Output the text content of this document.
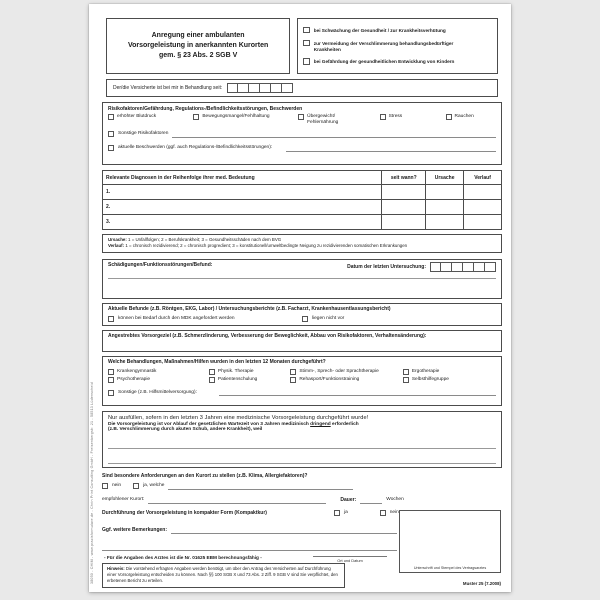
38050 - CHIM - www.praxisformulare.de - Chrin Print Consulting GmbH - Freisenbergstr. 21 - 58513 Lüdenscheid
Anregung einer ambulanten
Vorsorgeleistung in anerkannten Kurorten
gem. § 23 Abs. 2 SGB V
bei Schwächung der Gesundheit / zur Krankheitsverhütung
zur Vermeidung der Verschlimmerung behandlungsbedürftiger Krankheiten
bei Gefährdung der gesundheitlichen Entwicklung von Kindern
Der/die Versicherte ist bei mir in Behandlung seit:
Risikofaktoren/Gefährdung, Regulations-/Befindlichkeitsstörungen, Beschwerden
erhöhter Blutdruck	Bewegungsmangel/Fehlhaltung	Übergewicht/ Fehlernährung
Stress	Rauchen
Sonstige Risikofaktoren
aktuelle Beschwerden (ggf. auch Regulations-/Befindlichkeitsstörungen):
Relevante Diagnosen in der Reihenfolge ihrer med. Bedeutung	seit wann?	Ursache	Verlauf
1.			
2.			
3.			
Ursache: 1 = Unfallfolgen; 2 = Berufskrankheit; 3 = Gesundheitsschäden nach dem BVG
Verlauf: 1 = chronisch rezidivierend; 2 = chronisch progredient; 3 = konstitutionell/umweltbedingte Neigung zu rezidivierenden somatischen Erkrankungen
Schädigungen/Funktionsstörungen/Befund:	Datum der letzten Untersuchung:
Aktuelle Befunde (z.B. Röntgen, EKG, Labor) / Untersuchungsberichte (z.B. Facharzt, Krankenhausentlassungsbericht)
können bei Bedarf durch den MDK angefordert werden	liegen nicht vor
Angestrebtes Vorsorgeziel (z.B. Schmerzlinderung, Verbesserung der Beweglichkeit, Abbau von Risikofaktoren, Verhaltensänderung):
Welche Behandlungen, Maßnahmen/Hilfen wurden in den letzten 12 Monaten durchgeführt?
Krankengymnastik
Psychotherapie
Physik. Therapie
Patientenschulung
Stimm-, Sprech- oder Sprachtherapie
Rehasport/Funktionstraining
Ergotherapie
Selbsthilfegruppe
Sonstige (z.B. Hilfsmittelversorgung):
Nur ausfüllen, sofern in den letzten 3 Jahren eine medizinische Vorsorgeleistung durchgeführt wurde!
Die Vorsorgeleistung ist vor Ablauf der gesetzlichen Wartezeit von 3 Jahren medizinisch dringend erforderlich
(z.B. Verschlimmerung durch akuten Schub, andere Krankheit), weil
Sind besondere Anforderungen an den Kurort zu stellen (z.B. Klima, Allergiefaktoren)?
nein	ja, welche
empfohlener Kurort:	Dauer:	Wochen
Durchführung der Vorsorgeleistung in kompakter Form (Kompaktkur)	ja	nein
Ggf. weitere Bemerkungen:
- Für die Angaben des Arztes ist die Nr. 01625 EBM berechnungsfähig -

Hinweis: Die vorstehend erfragten Angaben werden benötigt, um über den Antrag des Versicherten auf Durchführung einer Vorsorgeleistung entscheiden zu können. Nach §§ 100 SGB X und 73 Abs. 2 Ziff. 9 SGB V sind Sie verpflichtet, den erbetenen Bericht zu erteilen.

Ort und Datum
Unterschrift und Stempel des Vertragsarztes
Muster 25 (7.2008)
